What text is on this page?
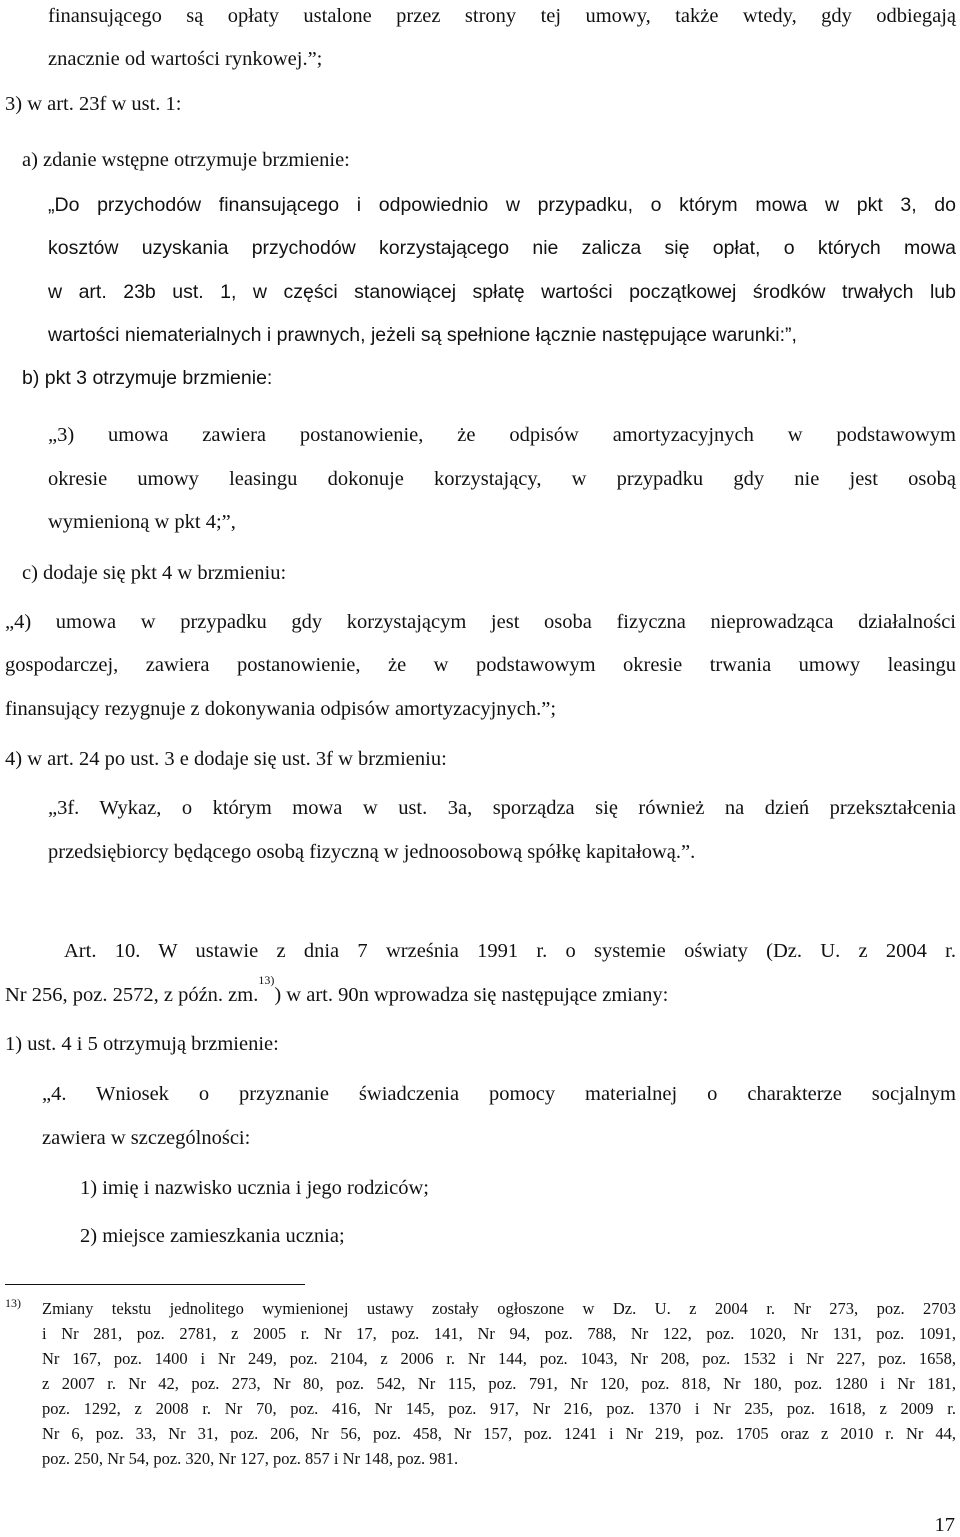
finansującego są opłaty ustalone przez strony tej umowy, także wtedy, gdy odbiegają
znacznie od wartości rynkowej.”;
3) w art. 23f w ust. 1:
a) zdanie wstępne otrzymuje brzmienie:
„Do przychodów finansującego i odpowiednio w przypadku, o którym mowa w pkt 3, do
kosztów uzyskania przychodów korzystającego nie zalicza się opłat, o których mowa
w art. 23b ust. 1, w części stanowiącej spłatę wartości początkowej środków trwałych lub
wartości niematerialnych i prawnych, jeżeli są spełnione łącznie następujące warunki:”,
b) pkt 3 otrzymuje brzmienie:
„3) umowa zawiera postanowienie, że odpisów amortyzacyjnych w podstawowym
okresie umowy leasingu dokonuje korzystający, w przypadku gdy nie jest osobą
wymienioną w pkt 4;”,
c) dodaje się pkt 4 w brzmieniu:
„4) umowa w przypadku gdy korzystającym jest osoba fizyczna nieprowadząca działalności
gospodarczej, zawiera postanowienie, że w podstawowym okresie trwania umowy leasingu
finansujący rezygnuje z dokonywania odpisów amortyzacyjnych.”;
4) w art. 24 po ust. 3 e dodaje się ust. 3f w brzmieniu:
„3f. Wykaz, o którym mowa w ust. 3a, sporządza się również na dzień przekształcenia
przedsiębiorcy będącego osobą fizyczną w jednoosobową spółkę kapitałową.”.
Art. 10. W ustawie z dnia 7 września 1991 r. o systemie oświaty (Dz. U. z 2004 r.
Nr 256, poz. 2572, z późn. zm.$^{13)}$) w art. 90n wprowadza się następujące zmiany:
1) ust. 4 i 5 otrzymują brzmienie:
„4. Wniosek o przyznanie świadczenia pomocy materialnej o charakterze socjalnym
zawiera w szczególności:
1) imię i nazwisko ucznia i jego rodziców;
2) miejsce zamieszkania ucznia;
13) Zmiany tekstu jednolitego wymienionej ustawy zostały ogłoszone w Dz. U. z 2004 r. Nr 273, poz. 2703
i Nr 281, poz. 2781, z 2005 r. Nr 17, poz. 141, Nr 94, poz. 788, Nr 122, poz. 1020, Nr 131, poz. 1091,
Nr 167, poz. 1400 i Nr 249, poz. 2104, z 2006 r. Nr 144, poz. 1043, Nr 208, poz. 1532 i Nr 227, poz. 1658,
z 2007 r. Nr 42, poz. 273, Nr 80, poz. 542, Nr 115, poz. 791, Nr 120, poz. 818, Nr 180, poz. 1280 i Nr 181,
poz. 1292, z 2008 r. Nr 70, poz. 416, Nr 145, poz. 917, Nr 216, poz. 1370 i Nr 235, poz. 1618, z 2009 r.
Nr 6, poz. 33, Nr 31, poz. 206, Nr 56, poz. 458, Nr 157, poz. 1241 i Nr 219, poz. 1705 oraz z 2010 r. Nr 44,
poz. 250, Nr 54, poz. 320, Nr 127, poz. 857 i Nr 148, poz. 981.
17
